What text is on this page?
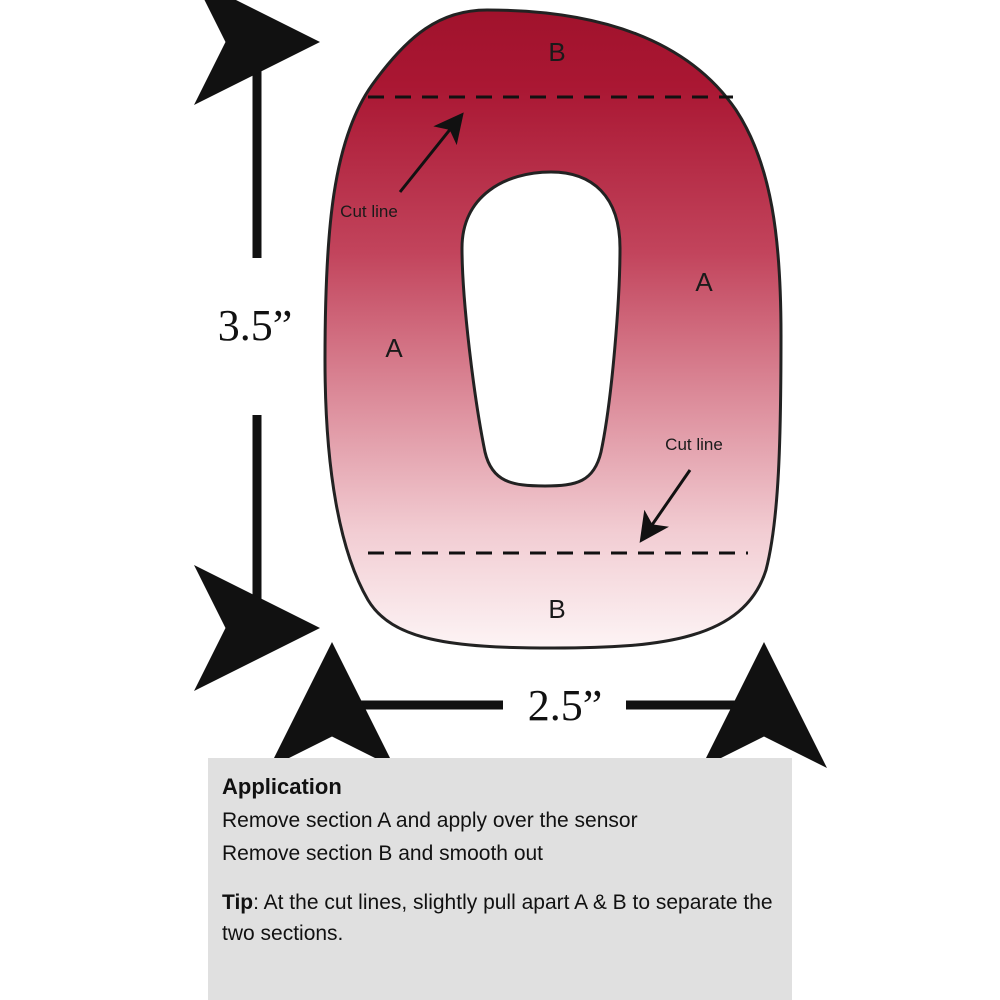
Cut line
Cut line
B
B
A
A
3.5”
2.5”
Application
Remove section A and apply over the sensor
Remove section B and smooth out

Tip: At the cut lines, slightly pull apart A & B to separate the two sections.
